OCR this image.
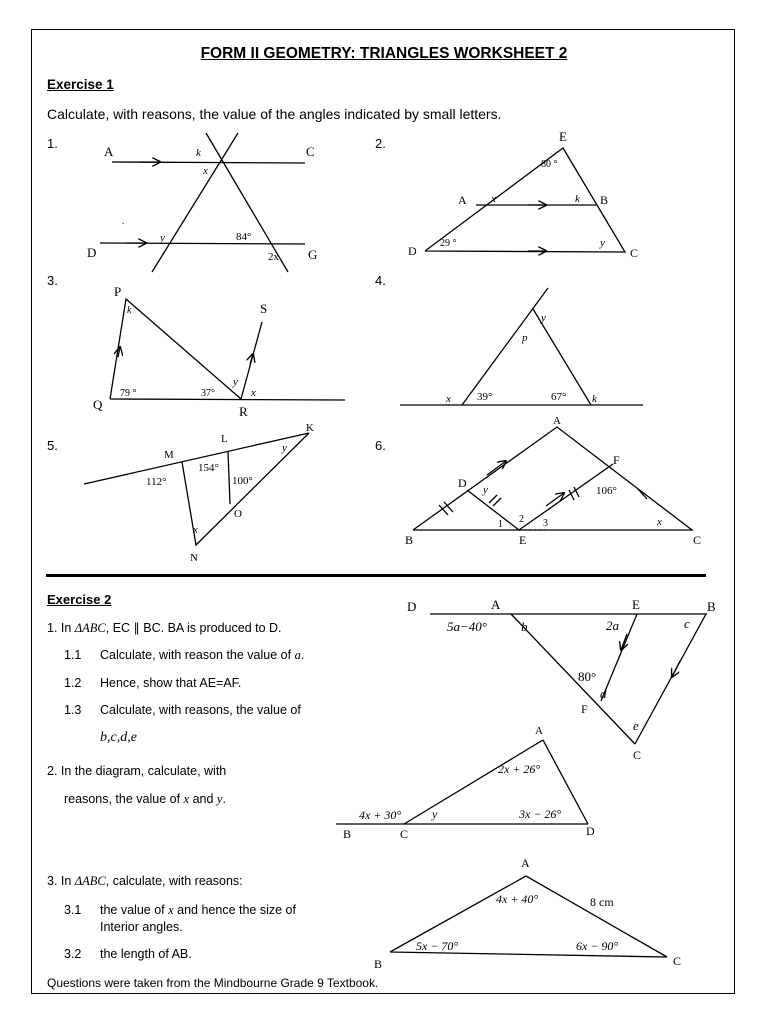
FORM II GEOMETRY: TRIANGLES WORKSHEET 2
Exercise 1
Calculate, with reasons, the value of the angles indicated by small letters.
1.	2.
3.	4.
5.	6.
A	C
D	G
k
x
y	84°
2x
.
E
80 °
A	B
x	k
D
29 °	y
C
P
k	S
Q
79 °	37°
y
x
R
y
p
x 39°	67° k
K
L
M
154°
y
112°	100°
O
x
N
A
F
D y	106°
1 2 3	x
B	E	C
D	A	E	B
5a−40°	b	2a	c
80°
d
F
e
C
A
2x + 26°
4x + 30°	y	3x − 26°
B	C	D
A
4x + 40°	8 cm
5x − 70°	6x − 90°
B	C
Exercise 2
1. In ΔABC, EC ∥ BC. BA is produced to D.
1.1 Calculate, with reason the value of a.
1.2 Hence, show that AE=AF.
1.3 Calculate, with reasons, the value of
b,c,d,e
2. In the diagram, calculate, with
reasons, the value of x and y.
3. In ΔABC, calculate, with reasons:
3.1 the value of x and hence the size of
Interior angles.
3.2 the length of AB.
Questions were taken from the Mindbourne Grade 9 Textbook.
